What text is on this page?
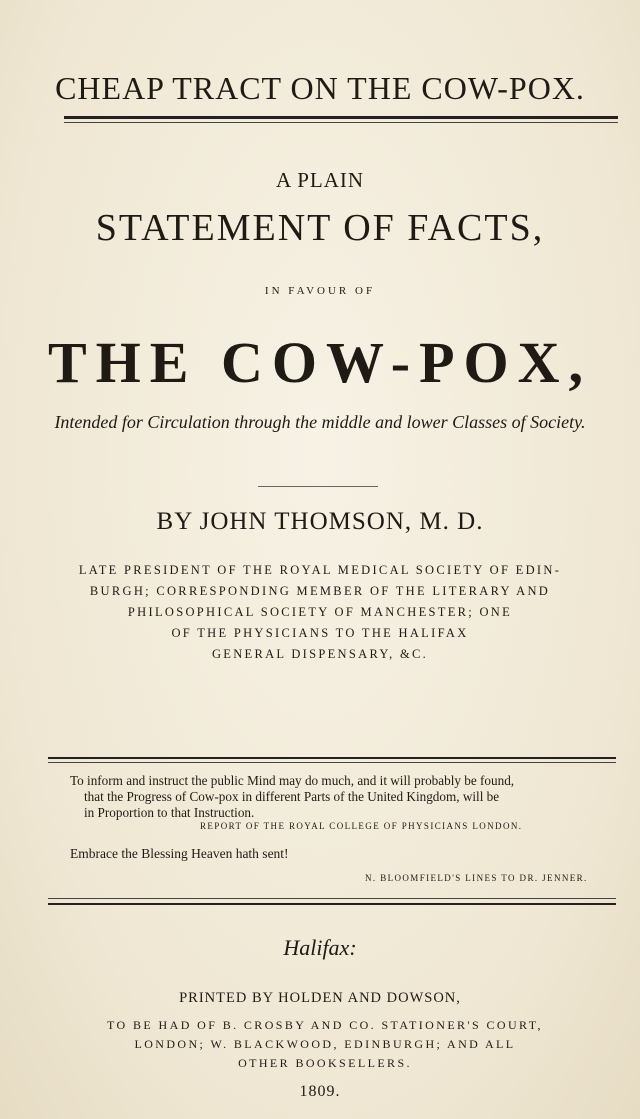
CHEAP TRACT ON THE COW-POX.
A PLAIN
STATEMENT OF FACTS,
IN FAVOUR OF
THE COW-POX,
Intended for Circulation through the middle and lower Classes of Society.
BY JOHN THOMSON, M. D.
LATE PRESIDENT OF THE ROYAL MEDICAL SOCIETY OF EDIN-
BURGH; CORRESPONDING MEMBER OF THE LITERARY AND
PHILOSOPHICAL SOCIETY OF MANCHESTER; ONE
OF THE PHYSICIANS TO THE HALIFAX
GENERAL DISPENSARY, &C.
To inform and instruct the public Mind may do much, and it will probably be found,
that the Progress of Cow-pox in different Parts of the United Kingdom, will be
in Proportion to that Instruction.
REPORT OF THE ROYAL COLLEGE OF PHYSICIANS LONDON.
Embrace the Blessing Heaven hath sent!
N. BLOOMFIELD'S LINES TO DR. JENNER.
Halifax:
PRINTED BY HOLDEN AND DOWSON,
TO BE HAD OF B. CROSBY AND CO. STATIONER'S COURT,
LONDON; W. BLACKWOOD, EDINBURGH; AND ALL
OTHER BOOKSELLERS.
1809.
